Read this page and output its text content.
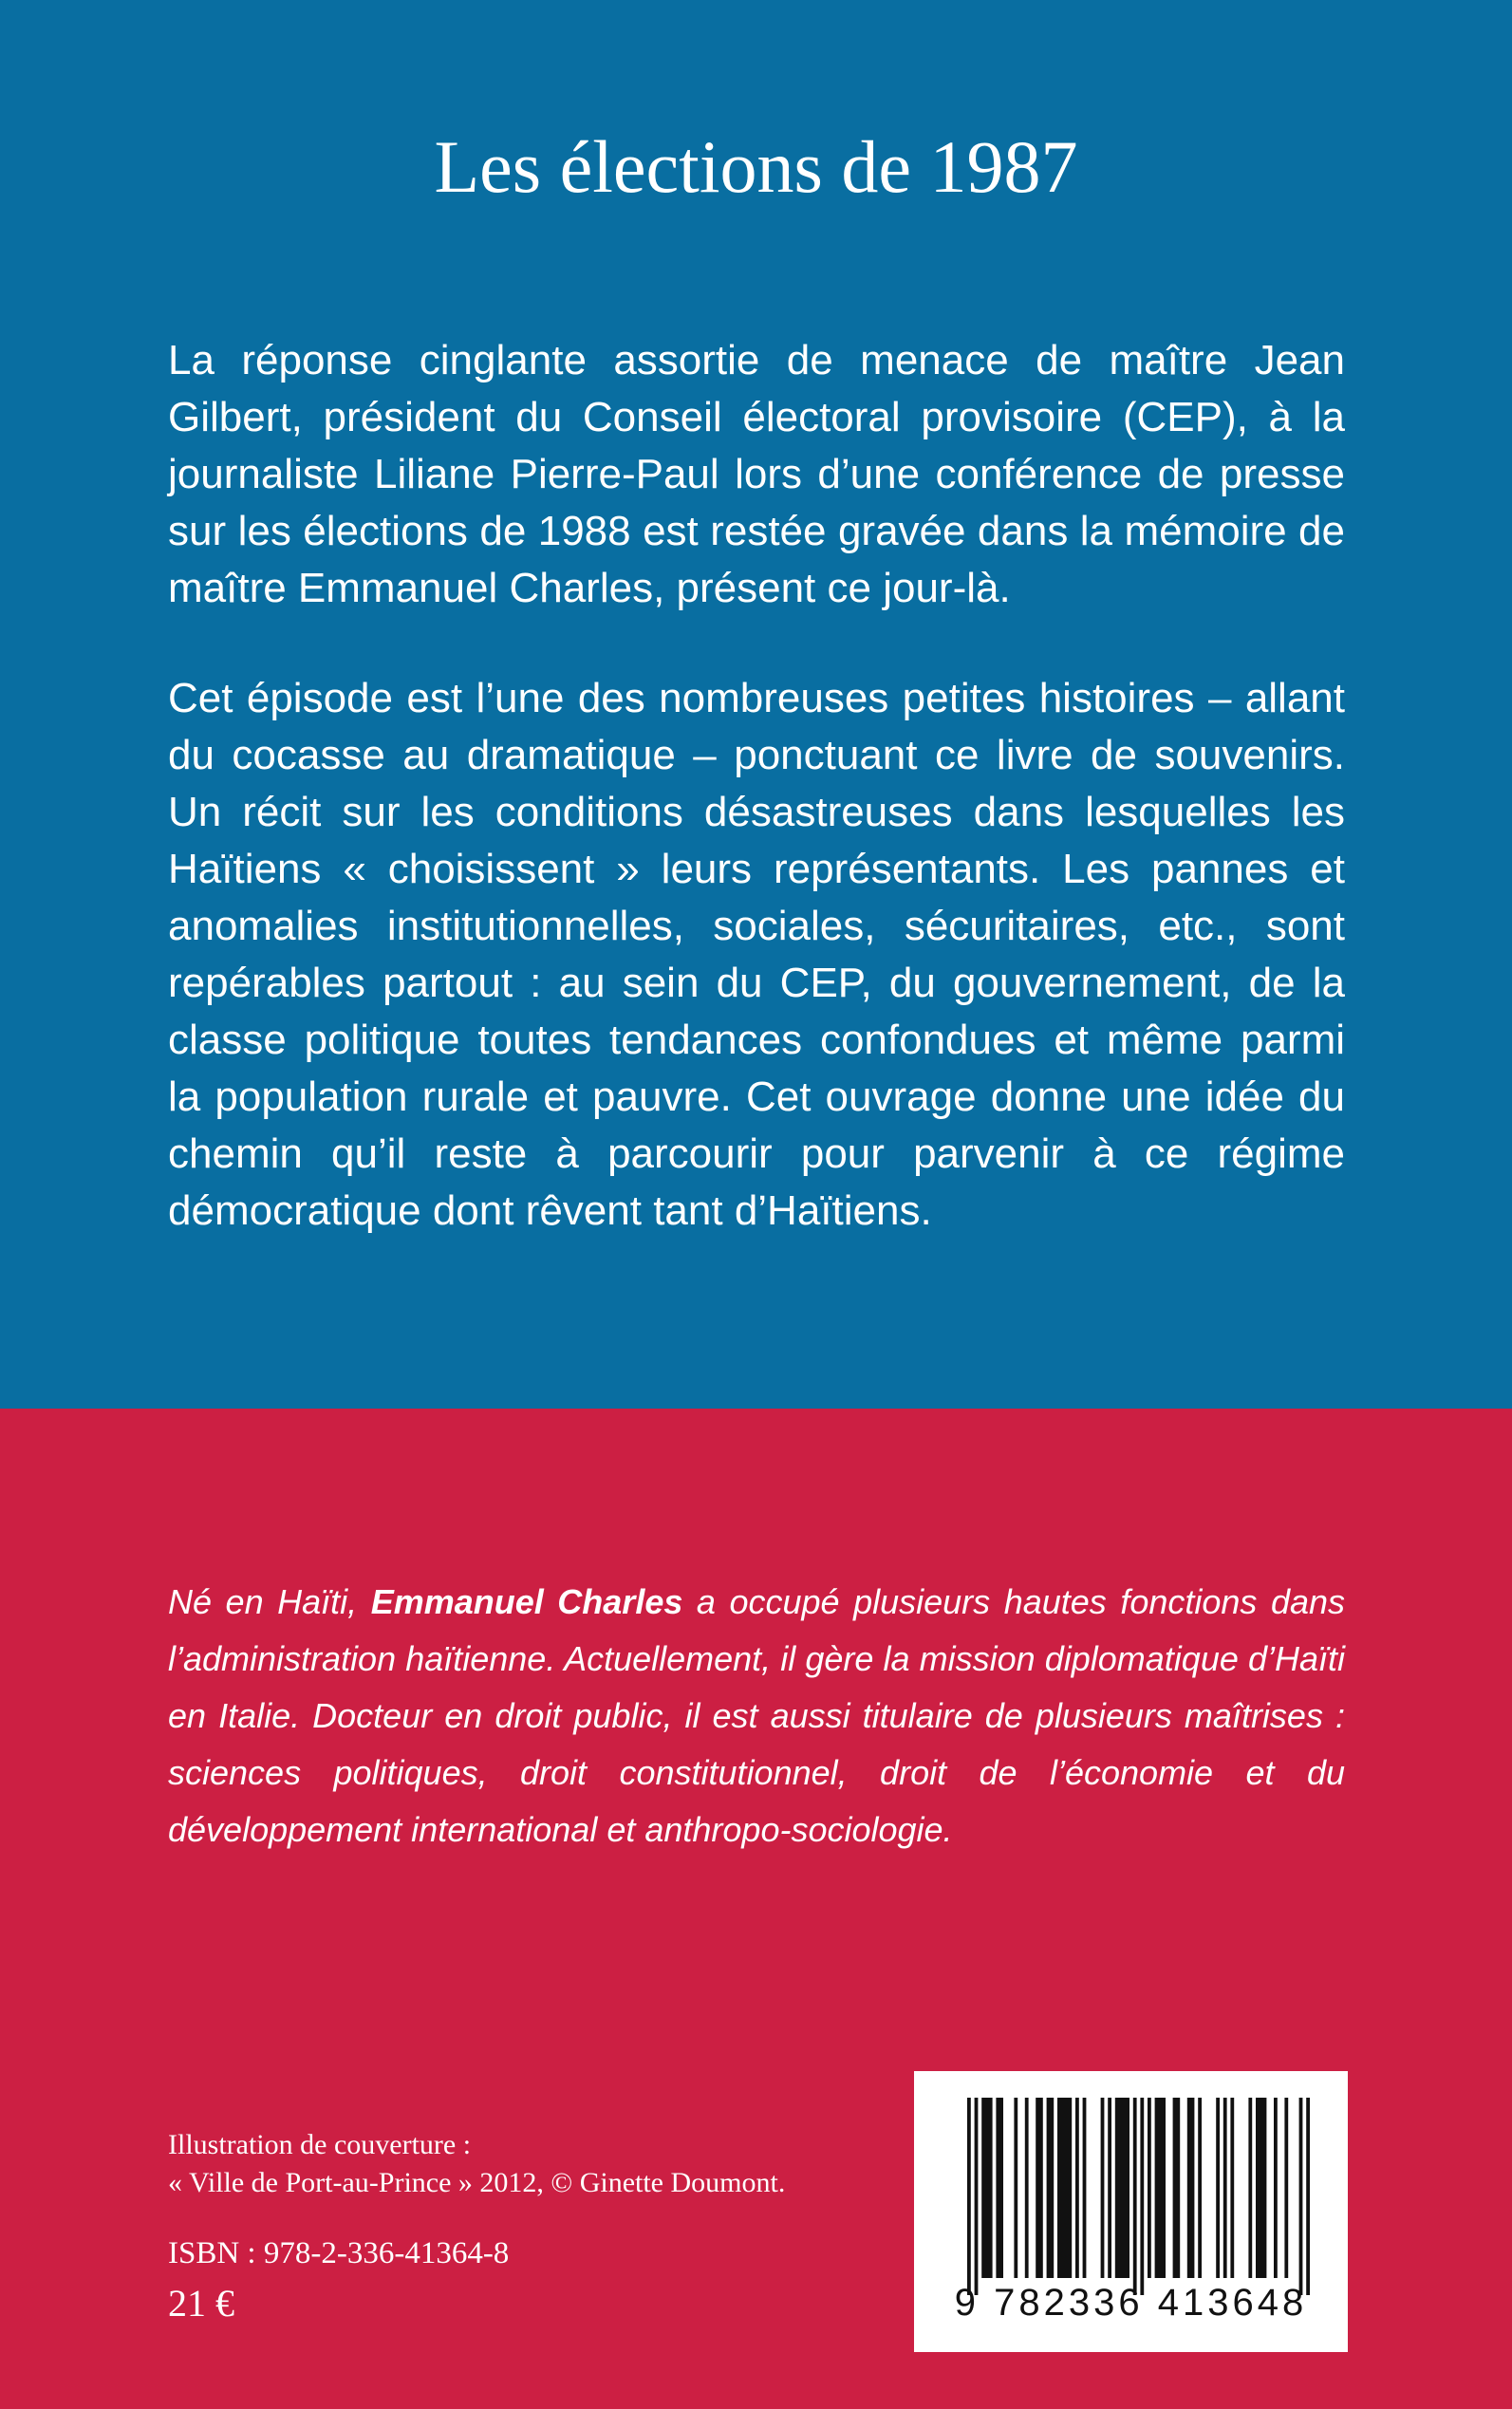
Les élections de 1987

La réponse cinglante assortie de menace de maître Jean Gilbert, président du Conseil électoral provisoire (CEP), à la journaliste Liliane Pierre-Paul lors d’une conférence de presse sur les élections de 1988 est restée gravée dans la mémoire de maître Emmanuel Charles, présent ce jour-là.

Cet épisode est l’une des nombreuses petites histoires – allant du cocasse au dramatique – ponctuant ce livre de souvenirs. Un récit sur les conditions désastreuses dans lesquelles les Haïtiens « choisissent » leurs représentants. Les pannes et anomalies institutionnelles, sociales, sécuritaires, etc., sont repérables partout : au sein du CEP, du gouvernement, de la classe politique toutes tendances confondues et même parmi la population rurale et pauvre. Cet ouvrage donne une idée du chemin qu’il reste à parcourir pour parvenir à ce régime démocratique dont rêvent tant d’Haïtiens.

Né en Haïti, Emmanuel Charles a occupé plusieurs hautes fonctions dans l’administration haïtienne. Actuellement, il gère la mission diplomatique d’Haïti en Italie. Docteur en droit public, il est aussi titulaire de plusieurs maîtrises : sciences politiques, droit constitutionnel, droit de l’économie et du développement international et anthropo-sociologie.

Illustration de couverture :
« Ville de Port-au-Prince » 2012, © Ginette Doumont.
ISBN : 978-2-336-41364-8
21 €	9 782336 413648
